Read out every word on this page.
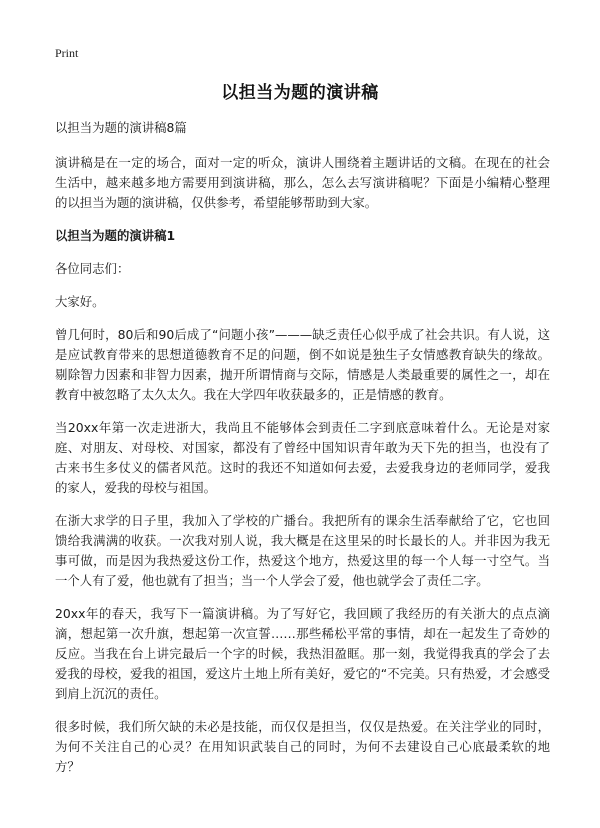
Print
以担当为题的演讲稿

以担当为题的演讲稿8篇

演讲稿是在一定的场合，面对一定的听众，演讲人围绕着主题讲话的文稿。在现在的社会生活中，越来越多地方需要用到演讲稿，那么，怎么去写演讲稿呢？下面是小编精心整理的以担当为题的演讲稿，仅供参考，希望能够帮助到大家。

以担当为题的演讲稿1

各位同志们：

大家好。

曾几何时，80后和90后成了“问题小孩”———缺乏责任心似乎成了社会共识。有人说，这是应试教育带来的思想道德教育不足的问题，倒不如说是独生子女情感教育缺失的缘故。剔除智力因素和非智力因素，抛开所谓情商与交际，情感是人类最重要的属性之一，却在教育中被忽略了太久太久。我在大学四年收获最多的，正是情感的教育。

当20xx年第一次走进浙大，我尚且不能够体会到责任二字到底意味着什么。无论是对家庭、对朋友、对母校、对国家，都没有了曾经中国知识青年敢为天下先的担当，也没有了古来书生多仗义的儒者风范。这时的我还不知道如何去爱，去爱我身边的老师同学，爱我的家人，爱我的母校与祖国。

在浙大求学的日子里，我加入了学校的广播台。我把所有的课余生活奉献给了它，它也回馈给我满满的收获。一次我对别人说，我大概是在这里呆的时长最长的人。并非因为我无事可做，而是因为我热爱这份工作，热爱这个地方，热爱这里的每一个人每一寸空气。当一个人有了爱，他也就有了担当；当一个人学会了爱，他也就学会了责任二字。

20xx年的春天，我写下一篇演讲稿。为了写好它，我回顾了我经历的有关浙大的点点滴滴，想起第一次升旗，想起第一次宣誓……那些稀松平常的事情，却在一起发生了奇妙的反应。当我在台上讲完最后一个字的时候，我热泪盈眶。那一刻，我觉得我真的学会了去爱我的母校，爱我的祖国，爱这片土地上所有美好，爱它的“不完美。只有热爱，才会感受到肩上沉沉的责任。

很多时候，我们所欠缺的未必是技能，而仅仅是担当，仅仅是热爱。在关注学业的同时，为何不关注自己的心灵？在用知识武装自己的同时，为何不去建设自己心底最柔软的地方？
